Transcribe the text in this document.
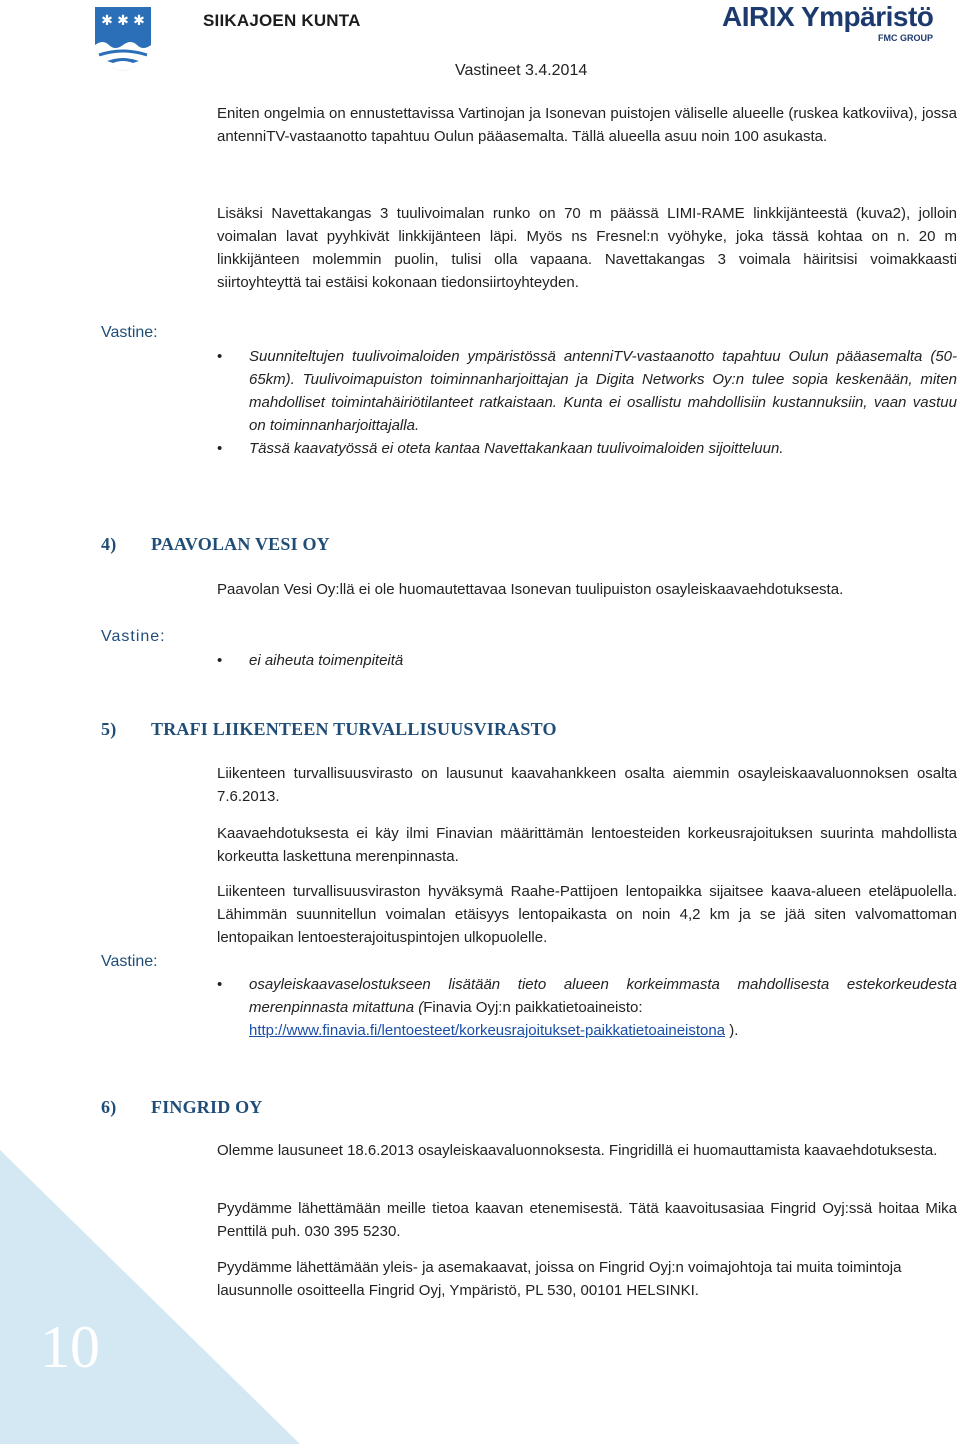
✱ ✱ ✱	SIIKAJOEN KUNTA	AIRIX Ympäristö
FMC GROUP
Vastineet 3.4.2014

Eniten ongelmia on ennustettavissa Vartinojan ja Isonevan puistojen väliselle alueelle (ruskea katkoviiva), jossa antenniTV-vastaanotto tapahtuu Oulun pääasemalta. Tällä alueella asuu noin 100 asukasta.

Lisäksi Navettakangas 3 tuulivoimalan runko on 70 m päässä LIMI-RAME linkkijänteestä (kuva2), jolloin voimalan lavat pyyhkivät linkkijänteen läpi. Myös ns Fresnel:n vyöhyke, joka tässä kohtaa on n. 20 m linkkijänteen molemmin puolin, tulisi olla vapaana. Navettakangas 3 voimala häiritsisi voimakkaasti siirtoyhteyttä tai estäisi kokonaan tiedonsiirtoyhteyden.

Vastine:
• Suunniteltujen tuulivoimaloiden ympäristössä antenniTV-vastaanotto tapahtuu Oulun pääasemalta (50-65km). Tuulivoimapuiston toiminnanharjoittajan ja Digita Networks Oy:n tulee sopia keskenään, miten mahdolliset toimintahäiriötilanteet ratkaistaan. Kunta ei osallistu mahdollisiin kustannuksiin, vaan vastuu on toiminnanharjoittajalla.
• Tässä kaavatyössä ei oteta kantaa Navettakankaan tuulivoimaloiden sijoitteluun.
4) PAAVOLAN VESI OY

Paavolan Vesi Oy:llä ei ole huomautettavaa Isonevan tuulipuiston osayleiskaavaehdotuksesta.

Vastine:
• ei aiheuta toimenpiteitä
5) TRAFI LIIKENTEEN TURVALLISUUSVIRASTO

Liikenteen turvallisuusvirasto on lausunut kaavahankkeen osalta aiemmin osayleiskaavaluonnoksen osalta 7.6.2013.

Kaavaehdotuksesta ei käy ilmi Finavian määrittämän lentoesteiden korkeusrajoituksen suurinta mahdollista korkeutta laskettuna merenpinnasta.

Liikenteen turvallisuusviraston hyväksymä Raahe-Pattijoen lentopaikka sijaitsee kaava-alueen eteläpuolella. Lähimmän suunnitellun voimalan etäisyys lentopaikasta on noin 4,2 km ja se jää siten valvomattoman lentopaikan lentoesterajoituspintojen ulkopuolelle.

Vastine:
• osayleiskaavaselostukseen lisätään tieto alueen korkeimmasta mahdollisesta estekorkeudesta merenpinnasta mitattuna (Finavia Oyj:n paikkatietoaineisto:
http://www.finavia.fi/lentoesteet/korkeusrajoitukset-paikkatietoaineistona ).
6) FINGRID OY

Olemme lausuneet 18.6.2013 osayleiskaavaluonnoksesta. Fingridillä ei huomauttamista kaavaehdotuksesta.

Pyydämme lähettämään meille tietoa kaavan etenemisestä. Tätä kaavoitusasiaa Fingrid Oyj:ssä hoitaa Mika Penttilä puh. 030 395 5230.

Pyydämme lähettämään yleis- ja asemakaavat, joissa on Fingrid Oyj:n voimajohtoja tai muita toimintoja lausunnolle osoitteella Fingrid Oyj, Ympäristö, PL 530, 00101 HELSINKI.

10
